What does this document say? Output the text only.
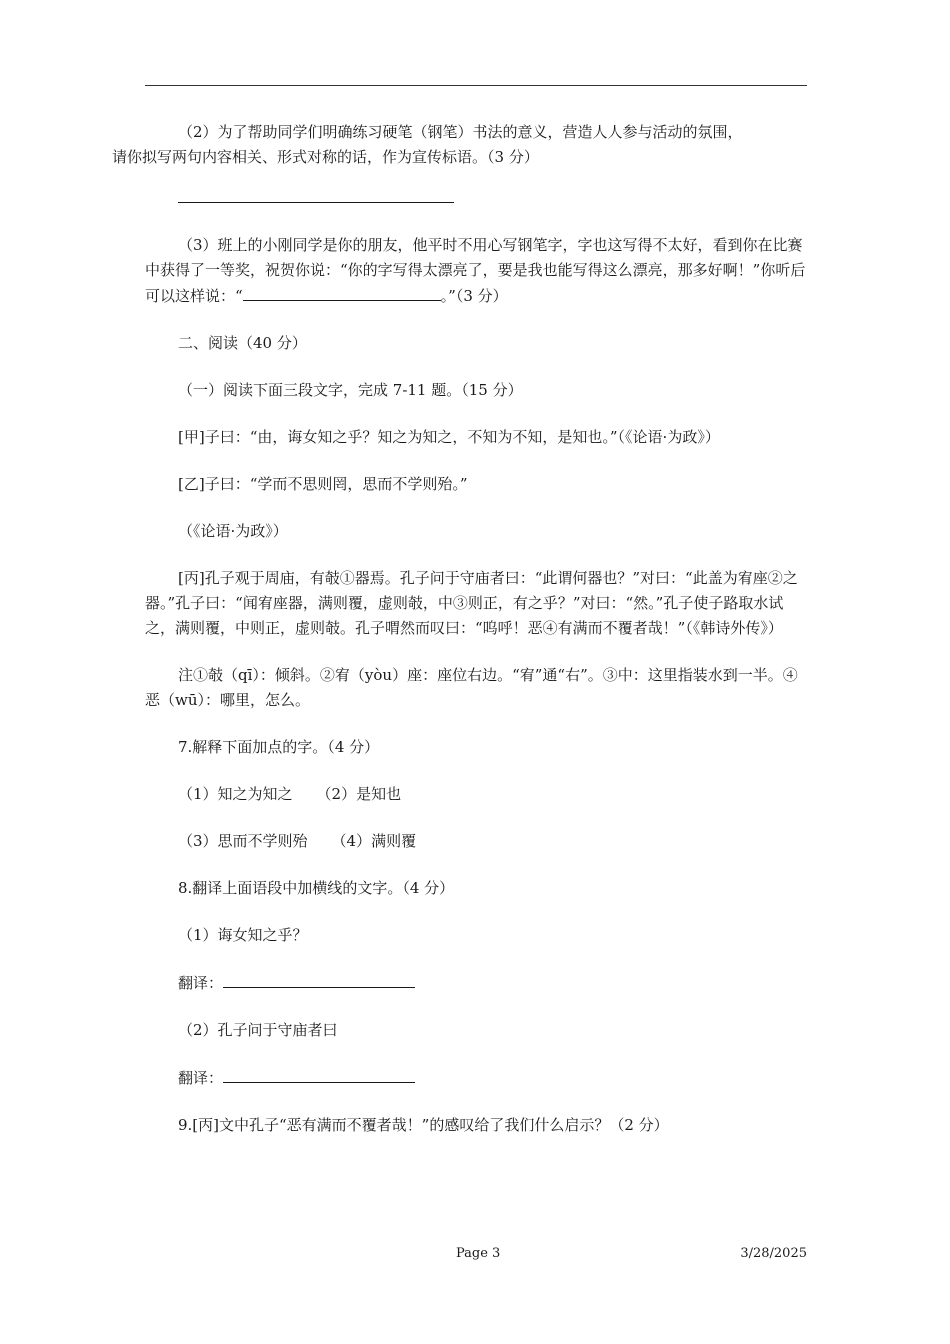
（2）为了帮助同学们明确练习硬笔（钢笔）书法的意义，营造人人参与活动的氛围，
请你拟写两句内容相关、形式对称的话，作为宣传标语。（3 分）
（3）班上的小刚同学是你的朋友，他平时不用心写钢笔字，字也这写得不太好，看到你在比赛中获得了一等奖，祝贺你说：“你的字写得太漂亮了，要是我也能写得这么漂亮，那多好啊！”你听后可以这样说：“	。”（3 分）
二、阅读（40 分）
（一）阅读下面三段文字，完成 7-11 题。（15 分）
[甲]子曰：“由，诲女知之乎？知之为知之，不知为不知，是知也。”（《论语·为政》）
[乙]子曰：“学而不思则罔，思而不学则殆。”
（《论语·为政》）
[丙]孔子观于周庙，有攲①器焉。孔子问于守庙者曰：“此谓何器也？”对曰：“此盖为宥座②之器。”孔子曰：“闻宥座器，满则覆，虚则攲，中③则正，有之乎？”对曰：“然。”孔子使子路取水试之，满则覆，中则正，虚则攲。孔子喟然而叹曰：“呜呼！恶④有满而不覆者哉！”（《韩诗外传》）
注①攲（qī）：倾斜。②宥（yòu）座：座位右边。“宥”通“右”。③中：这里指装水到一半。④恶（wū）：哪里，怎么。
7.解释下面加点的字。（4 分）
（1）知之为知之 （2）是知也
（3）思而不学则殆 （4）满则覆
8.翻译上面语段中加横线的文字。（4 分）
（1）诲女知之乎？
翻译：
（2）孔子问于守庙者曰
翻译：
9.[丙]文中孔子“恶有满而不覆者哉！”的感叹给了我们什么启示？（2 分）
Page 3	3/28/2025
